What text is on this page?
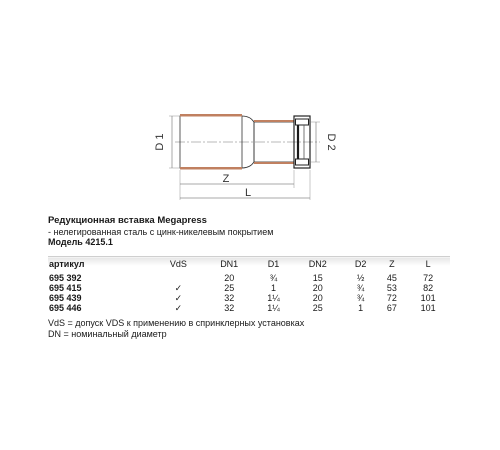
D 1	D 2
Z
L
Редукционная вставка Megapress
- нелегированная сталь с цинк-никелевым покрытием
Модель 4215.1
артикул	VdS	DN1	D1	DN2	D2	Z	L
695 392		20	¾	15	½	45	72
695 415	✓	25	1	20	¾	53	82
695 439	✓	32	1¼	20	¾	72	101
695 446	✓	32	1¼	25	1	67	101
VdS = допуск VDS к применению в спринклерных установках
DN = номинальный диаметр
